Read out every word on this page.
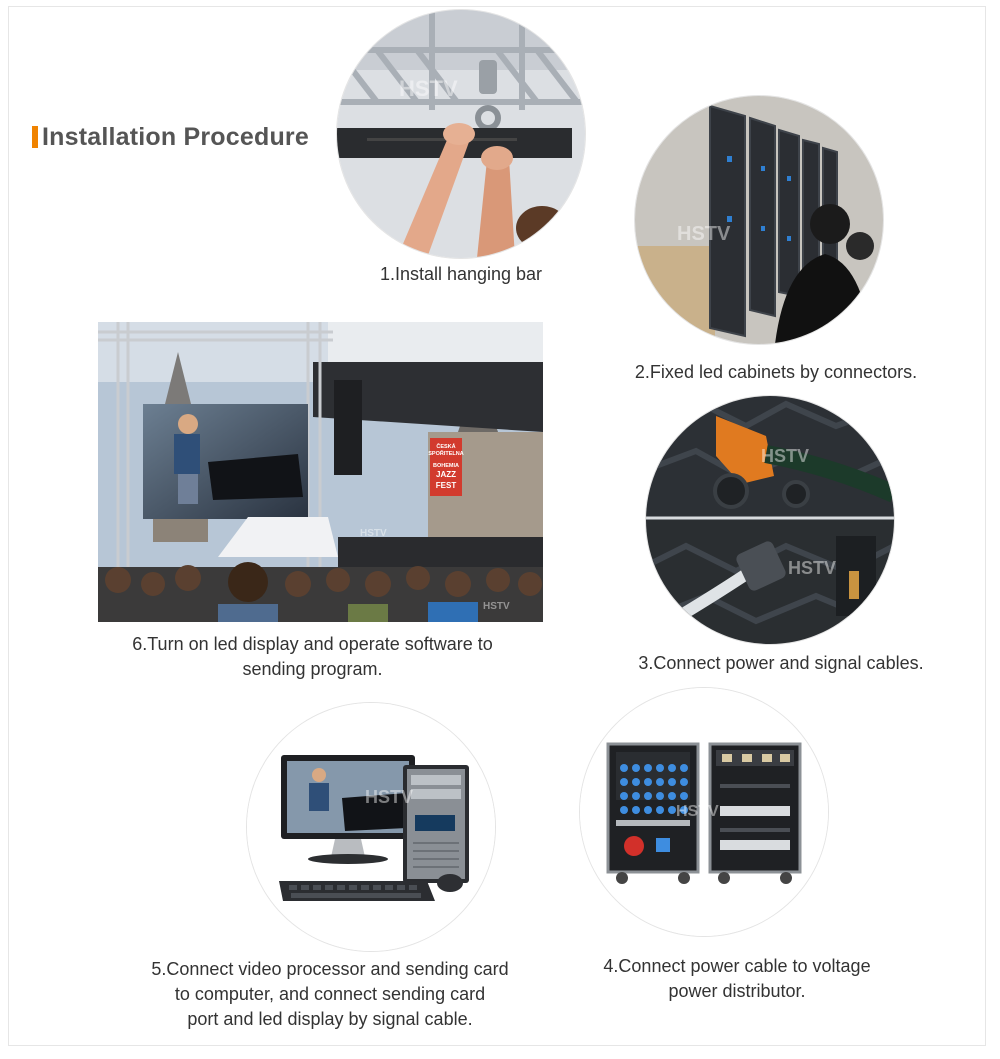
Installation Procedure
HSTV
1.Install hanging bar
HSTV
2.Fixed led cabinets by connectors.
ČESKÁ
SPOŘITELNA
BOHEMIA
JAZZ
FEST
HSTV
HSTV
6.Turn on led display and operate software to
sending program.
HSTV
HSTV
3.Connect power and signal cables.
HSTV
5.Connect video processor and sending card
to computer, and connect sending card
port and led display by signal cable.
HSTV
4.Connect power cable to voltage
power distributor.
